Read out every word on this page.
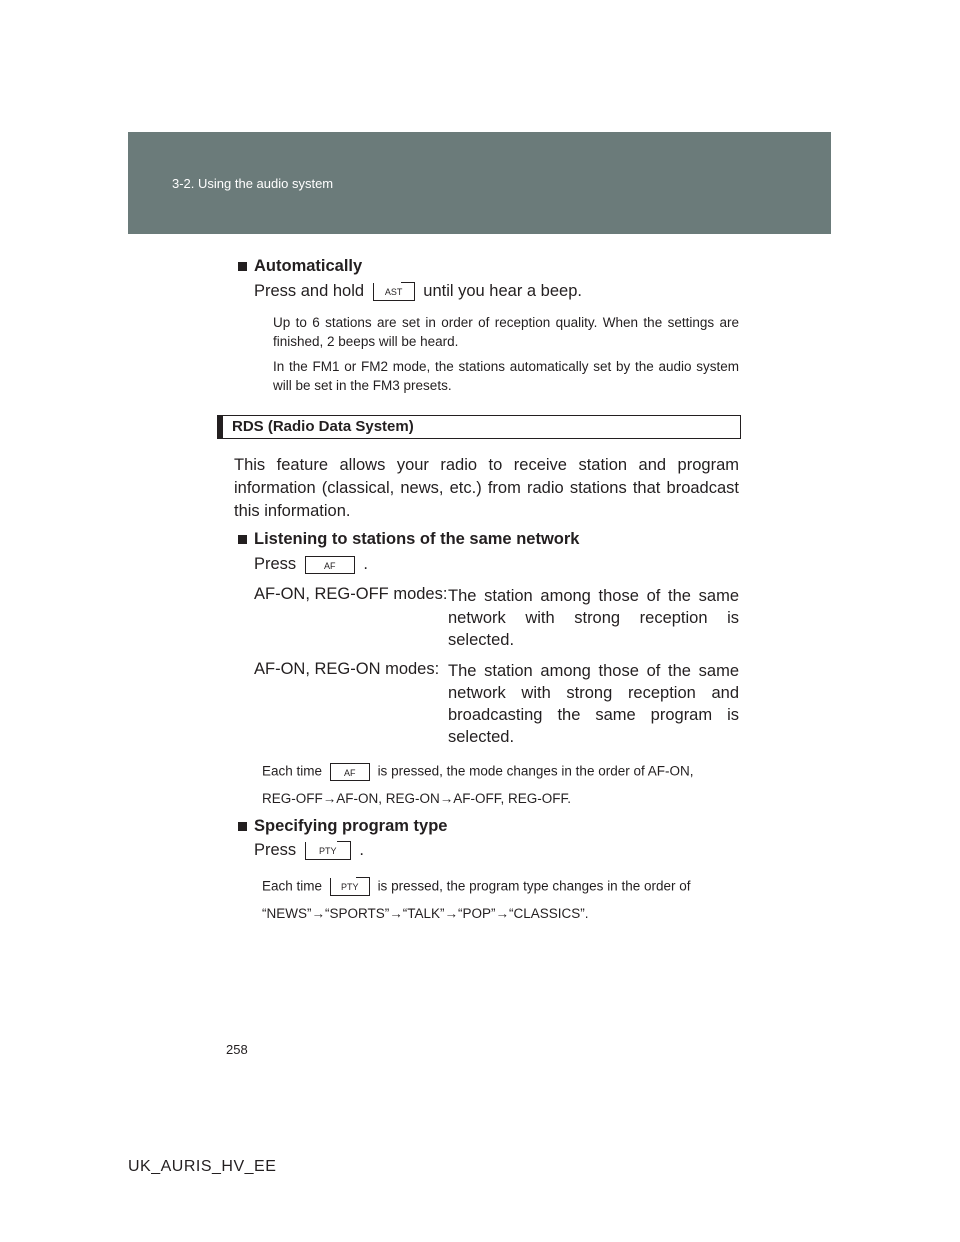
3-2. Using the audio system
Automatically
Press and hold AST until you hear a beep.
Up to 6 stations are set in order of reception quality. When the settings are finished, 2 beeps will be heard.
In the FM1 or FM2 mode, the stations automatically set by the audio system will be set in the FM3 presets.
RDS (Radio Data System)
This feature allows your radio to receive station and program information (classical, news, etc.) from radio stations that broadcast this information.
Listening to stations of the same network
Press	AF .
AF-ON, REG-OFF modes: The station among those of the same network with strong reception is selected.
AF-ON, REG-ON modes: The station among those of the same network with strong reception and broadcasting the same program is selected.
Each time AF is pressed, the mode changes in the order of AF-ON,
REG-OFF→AF-ON, REG-ON→AF-OFF, REG-OFF.
Specifying program type
Press	PTY .
Each time PTY is pressed, the program type changes in the order of
“NEWS”→“SPORTS”→“TALK”→“POP”→“CLASSICS”.
258
UK_AURIS_HV_EE
